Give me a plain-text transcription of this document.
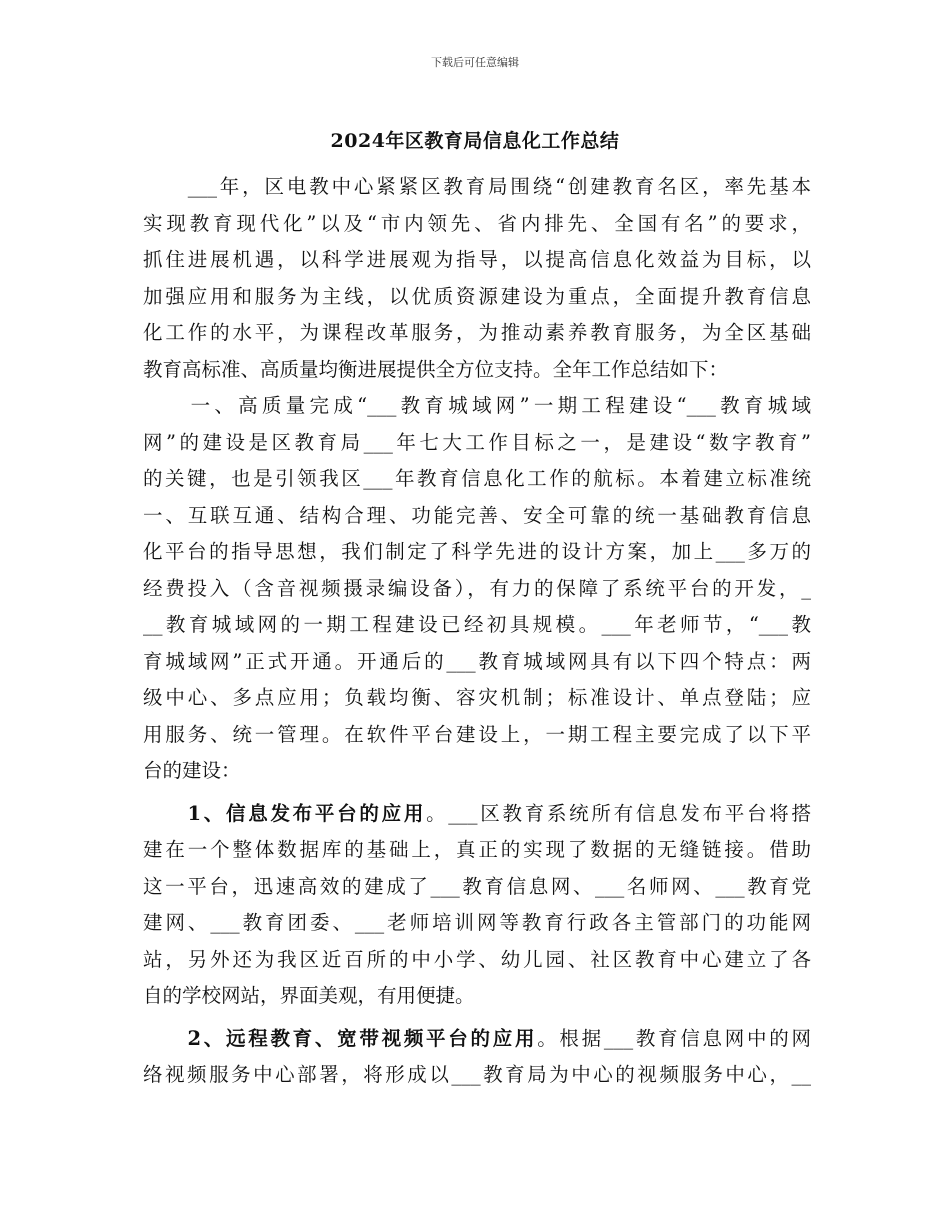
下载后可任意编辑
2024年区教育局信息化工作总结
　　___年，区电教中心紧紧区教育局围绕“创建教育名区，率先基本
实现教育现代化”以及“市内领先、省内排先、全国有名”的要求，
抓住进展机遇，以科学进展观为指导，以提高信息化效益为目标，以
加强应用和服务为主线，以优质资源建设为重点，全面提升教育信息
化工作的水平，为课程改革服务，为推动素养教育服务，为全区基础
教育高标准、高质量均衡进展提供全方位支持。全年工作总结如下：
　　一、高质量完成“___教育城域网”一期工程建设“___教育城域
网”的建设是区教育局___年七大工作目标之一，是建设“数字教育”
的关键，也是引领我区___年教育信息化工作的航标。本着建立标准统
一、互联互通、结构合理、功能完善、安全可靠的统一基础教育信息
化平台的指导思想，我们制定了科学先进的设计方案，加上___多万的
经费投入（含音视频摄录编设备），有力的保障了系统平台的开发，_
__教育城域网的一期工程建设已经初具规模。___年老师节，“___教
育城域网”正式开通。开通后的___教育城域网具有以下四个特点：两
级中心、多点应用；负载均衡、容灾机制；标准设计、单点登陆；应
用服务、统一管理。在软件平台建设上，一期工程主要完成了以下平
台的建设：
　　1、信息发布平台的应用。___区教育系统所有信息发布平台将搭
建在一个整体数据库的基础上，真正的实现了数据的无缝链接。借助
这一平台，迅速高效的建成了___教育信息网、___名师网、___教育党
建网、___教育团委、___老师培训网等教育行政各主管部门的功能网
站，另外还为我区近百所的中小学、幼儿园、社区教育中心建立了各
自的学校网站，界面美观，有用便捷。
　　2、远程教育、宽带视频平台的应用。根据___教育信息网中的网
络视频服务中心部署，将形成以___教育局为中心的视频服务中心，__
